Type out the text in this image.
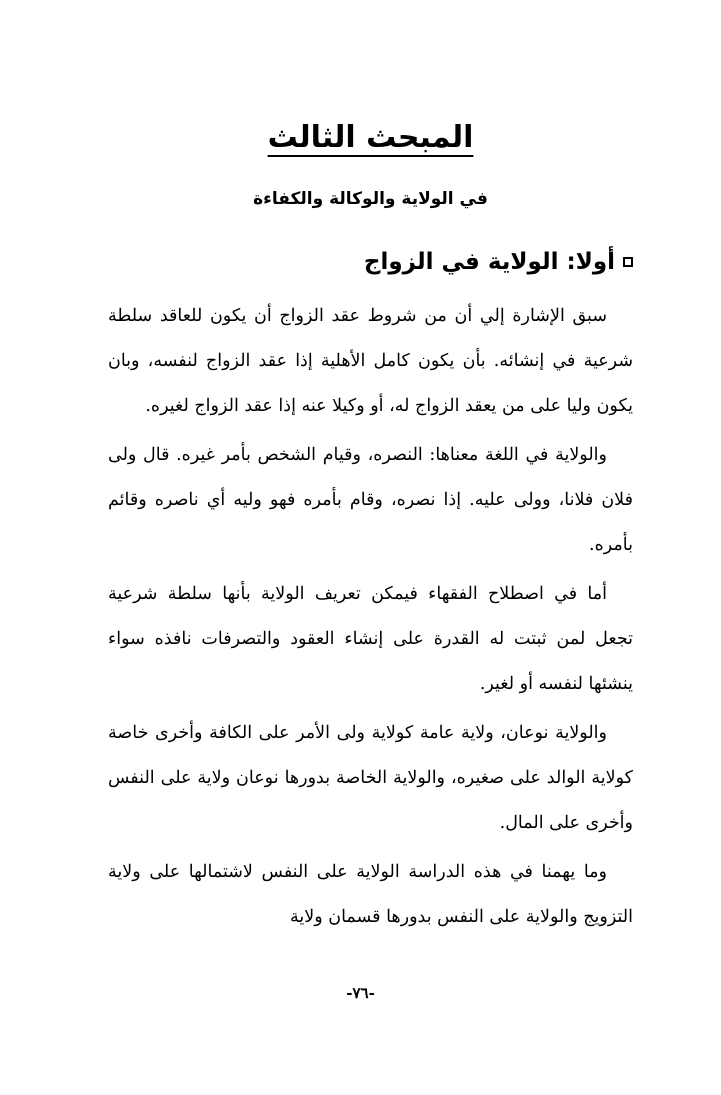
المبحث الثالث
في الولاية والوكالة والكفاءة
أولا: الولاية في الزواج

سبق الإشارة إلي أن من شروط عقد الزواج أن يكون للعاقد سلطة شرعية في إنشائه. بأن يكون كامل الأهلية إذا عقد الزواج لنفسه، وبان يكون وليا على من يعقد الزواج له، أو وكيلا عنه إذا عقد الزواج لغيره.

والولاية في اللغة معناها: النصره، وقيام الشخص بأمر غيره. قال ولى فلان فلانا، وولى عليه. إذا نصره، وقام بأمره فهو وليه أي ناصره وقائم بأمره.

أما في اصطلاح الفقهاء فيمكن تعريف الولاية بأنها سلطة شرعية تجعل لمن ثبتت له القدرة على إنشاء العقود والتصرفات نافذه سواء ينشئها لنفسه أو لغير.

والولاية نوعان، ولاية عامة كولاية ولى الأمر على الكافة وأخرى خاصة كولاية الوالد على صغيره، والولاية الخاصة بدورها نوعان ولاية على النفس وأخرى على المال.

وما يهمنا في هذه الدراسة الولاية على النفس لاشتمالها على ولاية التزويج والولاية على النفس بدورها قسمان ولاية

-٧٦-
